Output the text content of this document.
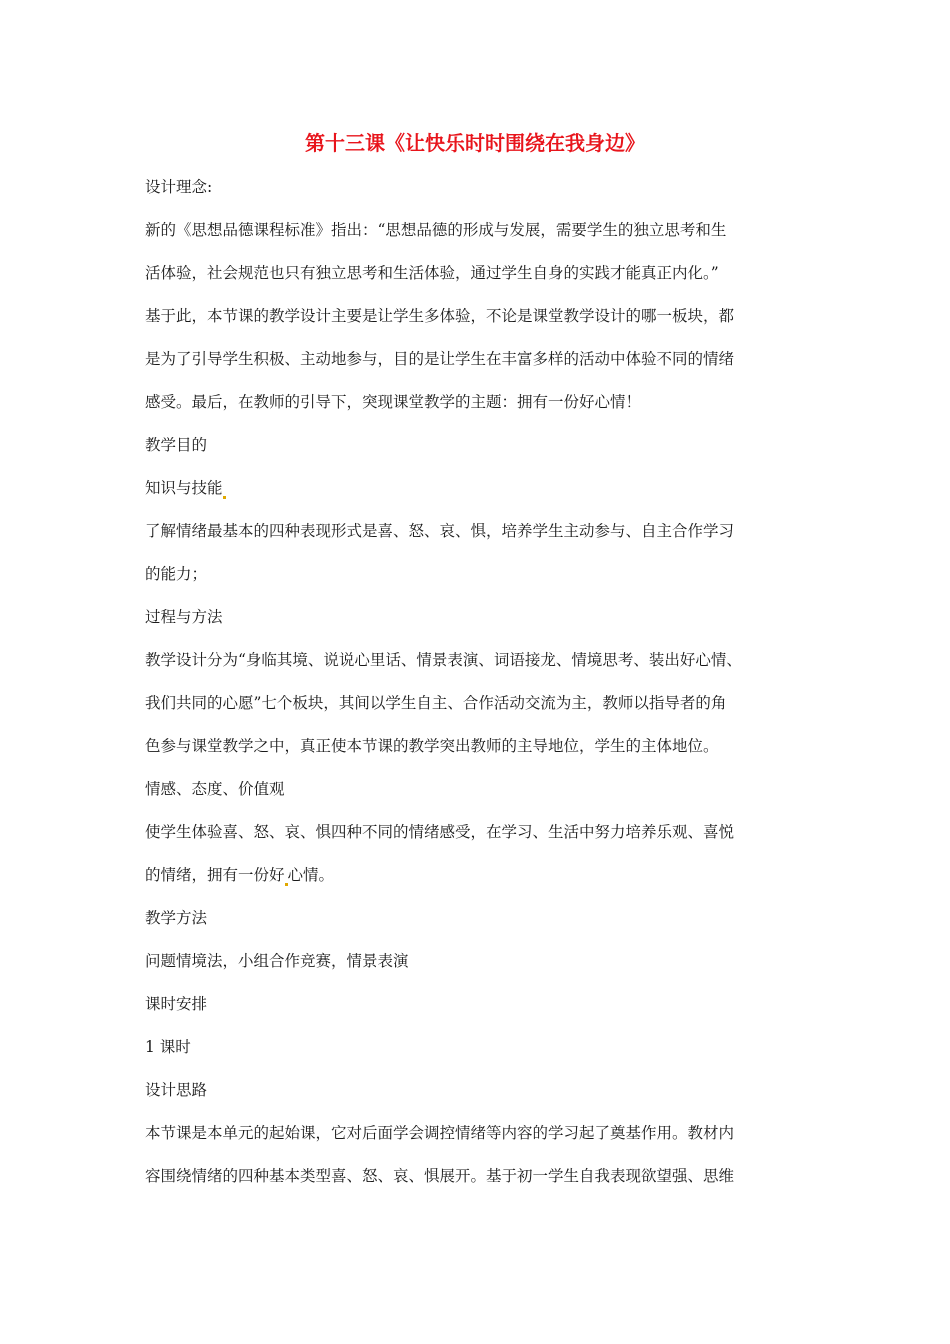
第十三课《让快乐时时围绕在我身边》
设计理念:
新的《思想品德课程标准》指出：“思想品德的形成与发展，需要学生的独立思考和生
活体验，社会规范也只有独立思考和生活体验，通过学生自身的实践才能真正内化。”
基于此，本节课的教学设计主要是让学生多体验，不论是课堂教学设计的哪一板块，都
是为了引导学生积极、主动地参与，目的是让学生在丰富多样的活动中体验不同的情绪
感受。最后，在教师的引导下，突现课堂教学的主题：拥有一份好心情！
教学目的
知识与技能
了解情绪最基本的四种表现形式是喜、怒、哀、惧，培养学生主动参与、自主合作学习
的能力；
过程与方法
教学设计分为“身临其境、说说心里话、情景表演、词语接龙、情境思考、装出好心情、
我们共同的心愿”七个板块，其间以学生自主、合作活动交流为主，教师以指导者的角
色参与课堂教学之中，真正使本节课的教学突出教师的主导地位，学生的主体地位。
情感、态度、价值观
使学生体验喜、怒、哀、惧四种不同的情绪感受，在学习、生活中努力培养乐观、喜悦
的情绪，拥有一份好 心情。
教学方法
问题情境法，小组合作竞赛，情景表演
课时安排
1 课时
设计思路
本节课是本单元的起始课，它对后面学会调控情绪等内容的学习起了奠基作用。教材内
容围绕情绪的四种基本类型喜、怒、哀、惧展开。基于初一学生自我表现欲望强、思维
